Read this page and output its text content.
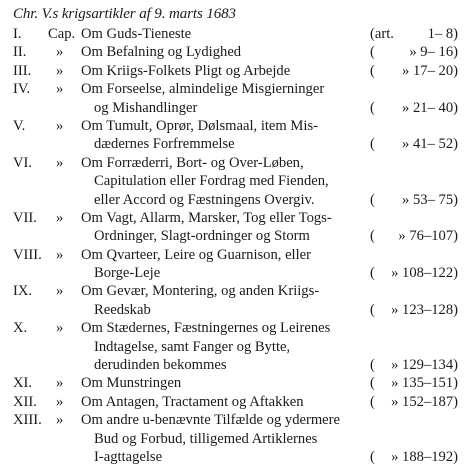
Chr. V.s krigsartikler af 9. marts 1683
I. Cap. Om Guds-Tieneste	(art. 1– 8)
II. » Om Befalning og Lydighed	( » 9– 16)
III. » Om Kriigs-Folkets Pligt og Arbejde	( » 17– 20)
IV. » Om Forseelse, almindelige Misgierninger
og Mishandlinger	( » 21– 40)
V. » Om Tumult, Oprør, Dølsmaal, item Mis-
dædernes Forfremmelse	( » 41– 52)
VI. » Om Forræderri, Bort- og Over-Løben,
Capitulation eller Fordrag med Fienden,
eller Accord og Fæstningens Overgiv.	( » 53– 75)
VII. » Om Vagt, Allarm, Marsker, Tog eller Togs-
Ordninger, Slagt-ordninger og Storm	( » 76–107)
VIII. » Om Qvarteer, Leire og Guarnison, eller
Borge-Leje	( » 108–122)
IX. » Om Gevær, Montering, og anden Kriigs-
Reedskab	( » 123–128)
X. » Om Stædernes, Fæstningernes og Leirenes
Indtagelse, samt Fanger og Bytte,
derudinden bekommes	( » 129–134)
XI. » Om Munstringen	( » 135–151)
XII. » Om Antagen, Tractament og Aftakken	( » 152–187)
XIII. » Om andre u-benævnte Tilfælde og ydermere
Bud og Forbud, tilligemed Artiklernes
I-agttagelse	( » 188–192)
